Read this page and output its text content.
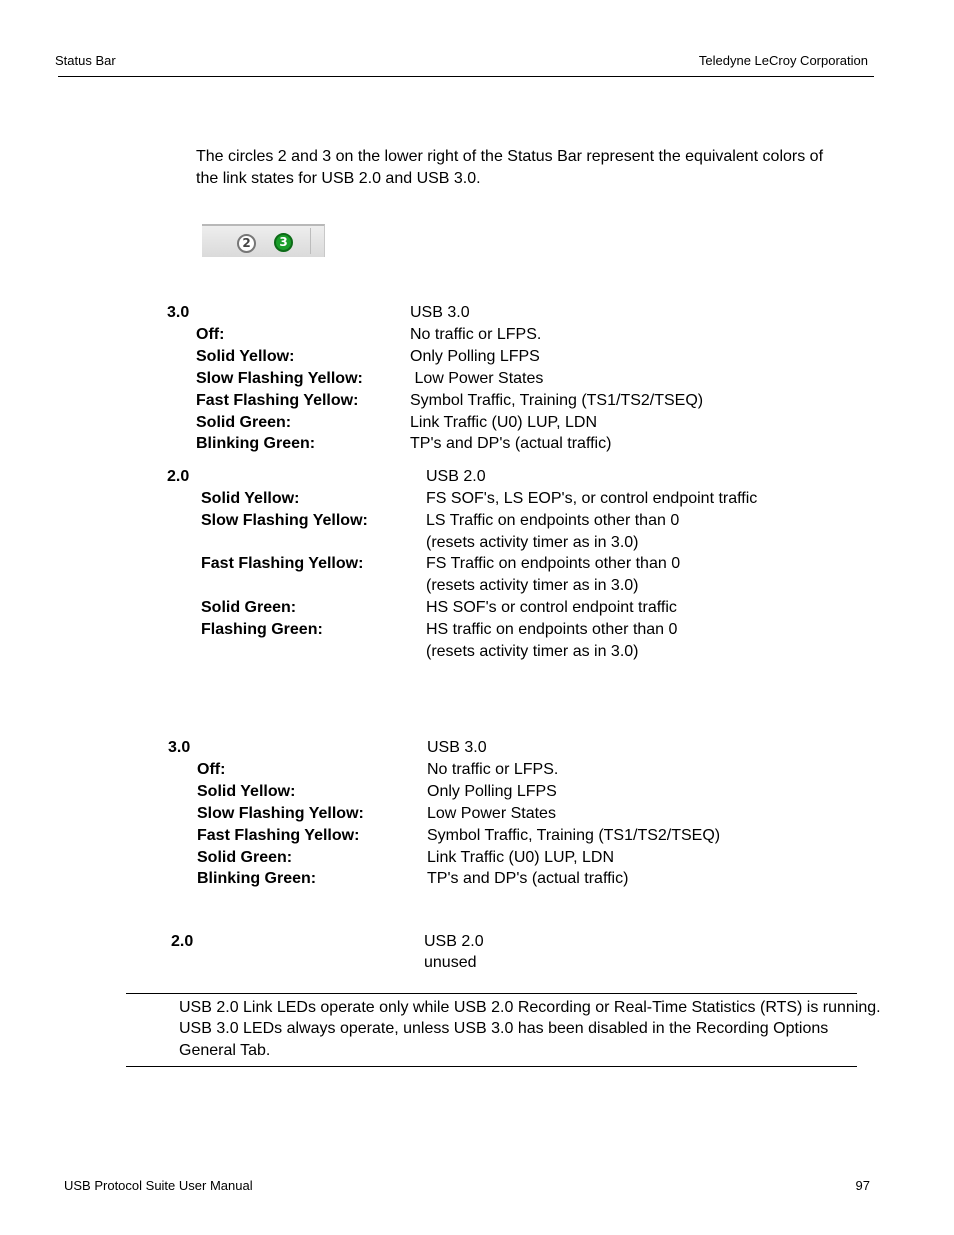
Status Bar	Teledyne LeCroy Corporation
The circles 2 and 3 on the lower right of the Status Bar represent the equivalent colors of
the link states for USB 2.0 and USB 3.0.
2	3
3.0	USB 3.0
Off:	No traffic or LFPS.
Solid Yellow:	Only Polling LFPS
Slow Flashing Yellow:	Low Power States
Fast Flashing Yellow:	Symbol Traffic, Training (TS1/TS2/TSEQ)
Solid Green:	Link Traffic (U0) LUP, LDN
Blinking Green:	TP's and DP's (actual traffic)
2.0	USB 2.0
Solid Yellow:	FS SOF's, LS EOP's, or control endpoint traffic
Slow Flashing Yellow:	LS Traffic on endpoints other than 0
(resets activity timer as in 3.0)
Fast Flashing Yellow:	FS Traffic on endpoints other than 0
(resets activity timer as in 3.0)
Solid Green:	HS SOF's or control endpoint traffic
Flashing Green:	HS traffic on endpoints other than 0
(resets activity timer as in 3.0)
3.0	USB 3.0
Off:	No traffic or LFPS.
Solid Yellow:	Only Polling LFPS
Slow Flashing Yellow:	Low Power States
Fast Flashing Yellow:	Symbol Traffic, Training (TS1/TS2/TSEQ)
Solid Green:	Link Traffic (U0) LUP, LDN
Blinking Green:	TP's and DP's (actual traffic)
2.0	USB 2.0
unused
USB 2.0 Link LEDs operate only while USB 2.0 Recording or Real-Time Statistics (RTS) is running.
USB 3.0 LEDs always operate, unless USB 3.0 has been disabled in the Recording Options
General Tab.
USB Protocol Suite User Manual	97
